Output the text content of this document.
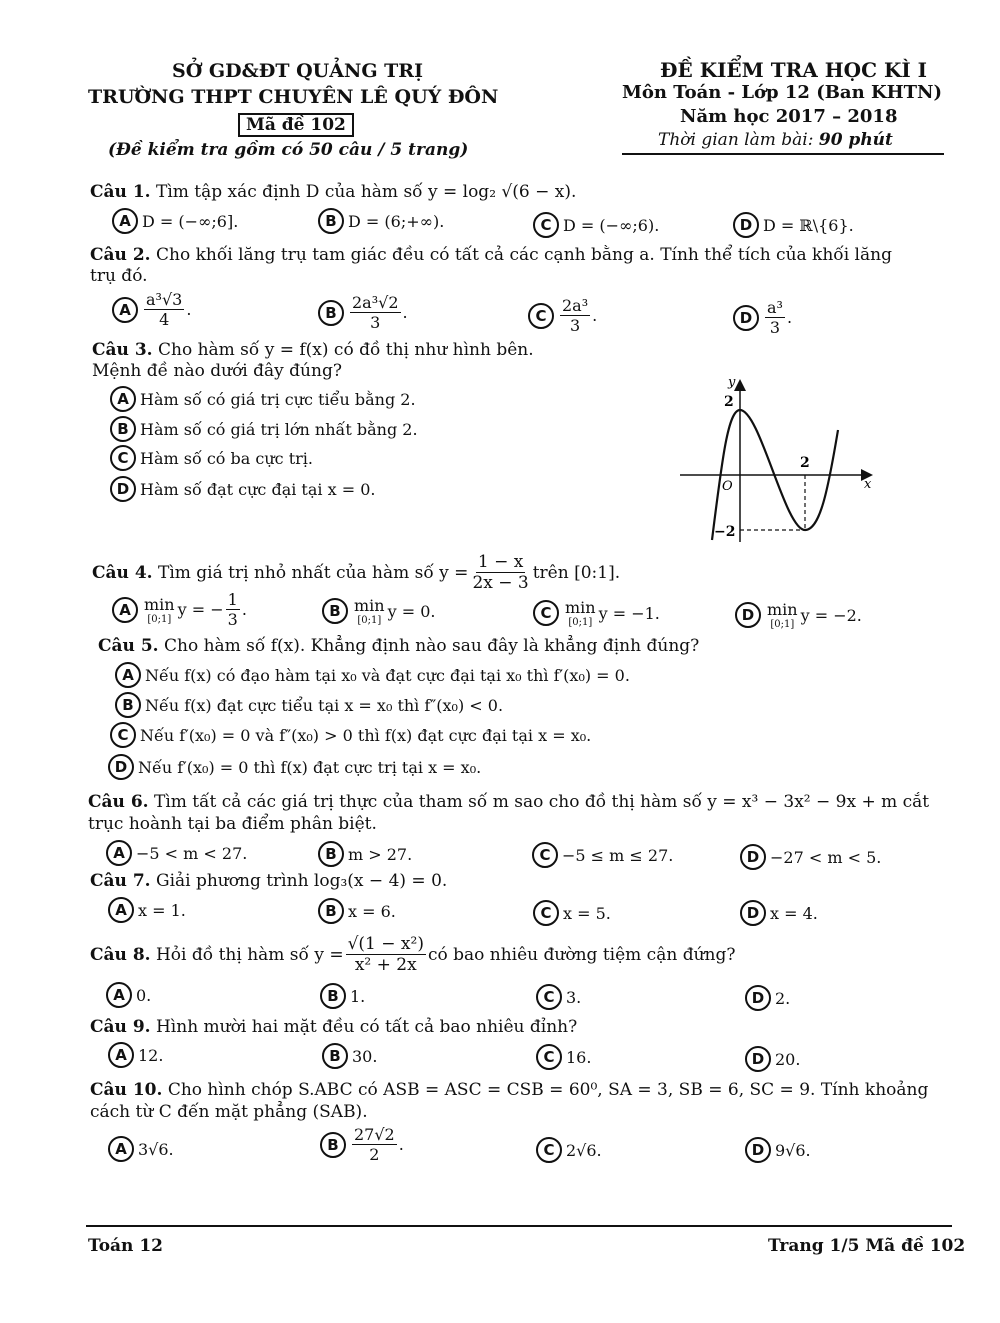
SỞ GD&ĐT QUẢNG TRỊ
TRƯỜNG THPT CHUYÊN LÊ QUÝ ĐÔN
Mã đề 102
(Đề kiểm tra gồm có 50 câu / 5 trang)
ĐỀ KIỂM TRA HỌC KÌ I
Môn Toán - Lớp 12 (Ban KHTN)
Năm học 2017 – 2018
Thời gian làm bài: 90 phút
Câu 1. Tìm tập xác định D của hàm số y = log₂ √(6 − x).
A D = (−∞;6].	B D = (6;+∞).	C D = (−∞;6).	D D = ℝ\{6}.
Câu 2. Cho khối lăng trụ tam giác đều có tất cả các cạnh bằng a. Tính thể tích của khối lăng
trụ đó.
A $\frac{\text{a³√3}}{4}$ .	B $\frac{\text{2a³√2}}{3}$ .	C $\frac{\text{2a³}}{3}$ .	D $\frac{\text{a³}}{3}$ .
Câu 3. Cho hàm số y = f(x) có đồ thị như hình bên.
Mệnh đề nào dưới đây đúng?
A Hàm số có giá trị cực tiểu bằng 2.
B Hàm số có giá trị lớn nhất bằng 2.
C Hàm số có ba cực trị.
D Hàm số đạt cực đại tại x = 0.
y
x
O
2
2
−2
Câu 4.
Tìm giá trị nhỏ nhất của hàm số $y = \frac{1 - x}{2x - 3}$ trên [0:1].
A min
[0;1] y = − $\frac{1}{3}$ .	B min
[0;1] y = 0.	C min
[0;1] y = −1.	D min
[0;1] y = −2.
Câu 5. Cho hàm số f(x). Khẳng định nào sau đây là khẳng định đúng?
A Nếu f(x) có đạo hàm tại x₀ và đạt cực đại tại x₀ thì f′(x₀) = 0.
B Nếu f(x) đạt cực tiểu tại x = x₀ thì f″(x₀) < 0.
C Nếu f′(x₀) = 0 và f″(x₀) > 0 thì f(x) đạt cực đại tại x = x₀.
D Nếu f′(x₀) = 0 thì f(x) đạt cực trị tại x = x₀.
Câu 6. Tìm tất cả các giá trị thực của tham số m sao cho đồ thị hàm số y = x³ − 3x² − 9x + m cắt
trục hoành tại ba điểm phân biệt.
A −5 < m < 27.	B m > 27.	C −5 ≤ m ≤ 27.	D −27 < m < 5.
Câu 7. Giải phương trình log₃(x − 4) = 0.
A x = 1.	B x = 6.	C x = 5.	D x = 4.
Câu 8.
Hỏi đồ thị hàm số $y = \frac{\text{√(1 − x²)}}{\text{x² + 2x}}$ có bao nhiêu đường tiệm cận đứng?
A 0.	B 1.	C 3.	D 2.
Câu 9. Hình mười hai mặt đều có tất cả bao nhiêu đỉnh?
A 12.	B 30.	C 16.	D 20.
Câu 10. Cho hình chóp S.ABC có ASB = ASC = CSB = 60⁰, SA = 3, SB = 6, SC = 9. Tính khoảng
cách từ C đến mặt phẳng (SAB).
A 3√6.	B $\frac{27√2}{2}$ .	C 2√6.	D 9√6.
Toán 12	Trang 1/5 Mã đề 102
